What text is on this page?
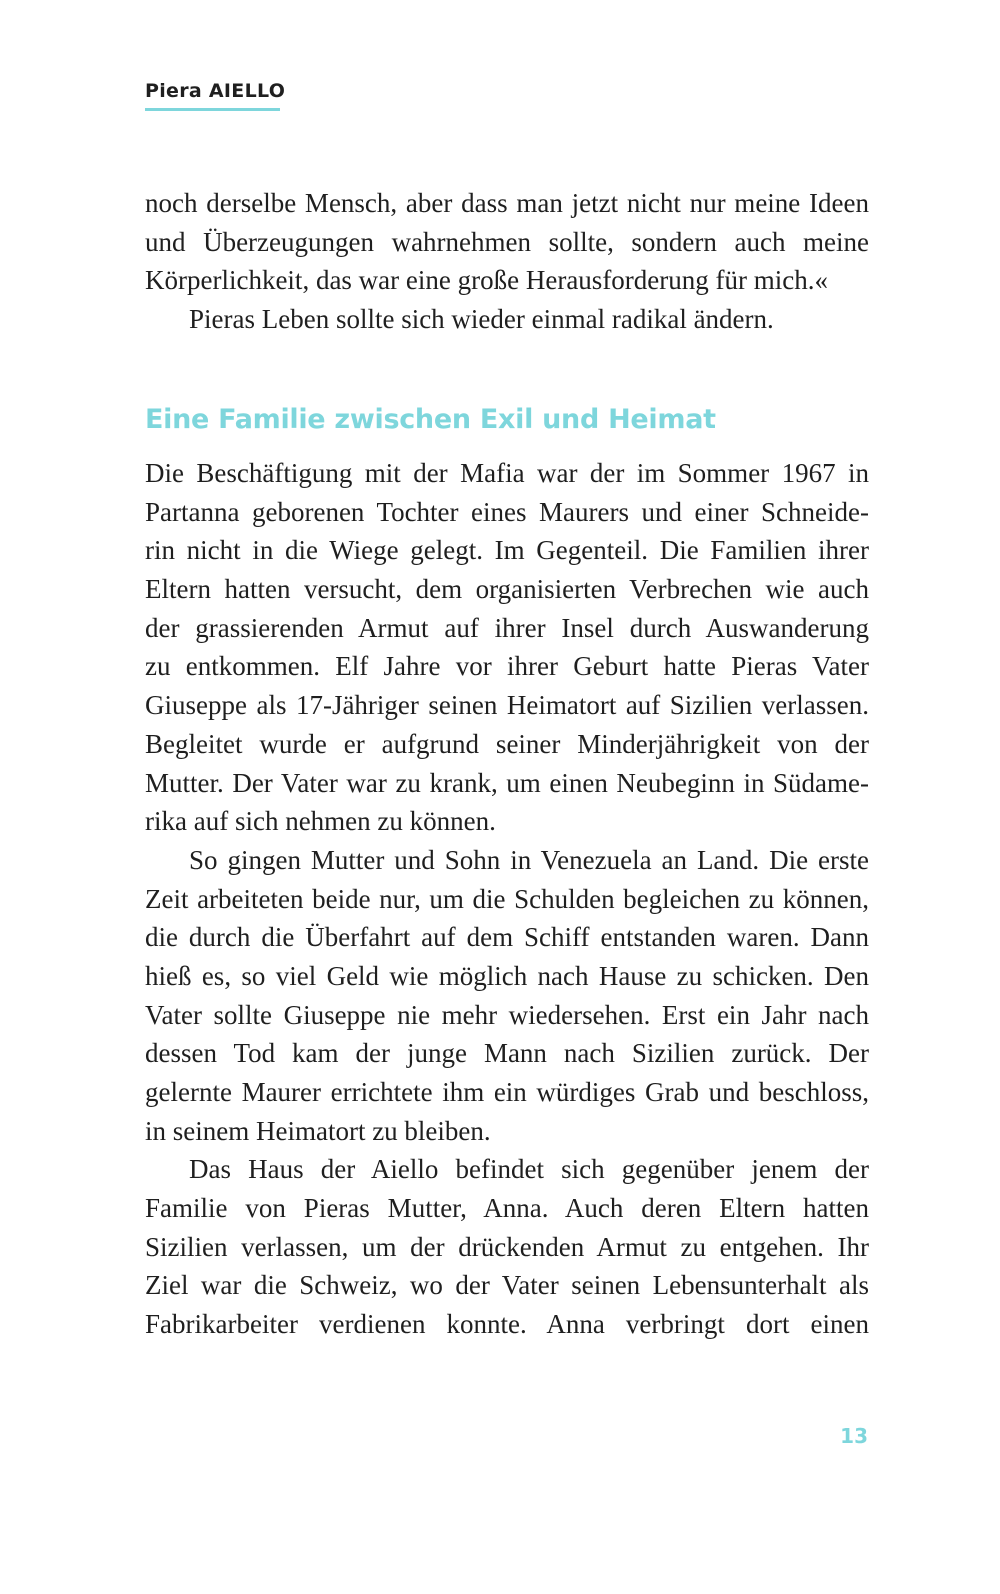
Piera AIELLO
noch derselbe Mensch, aber dass man jetzt nicht nur meine Ideen
und Überzeugungen wahrnehmen sollte, sondern auch meine
Körperlichkeit, das war eine große Herausforderung für mich.«
Pieras Leben sollte sich wieder einmal radikal ändern.
Eine Familie zwischen Exil und Heimat
Die Beschäftigung mit der Mafia war der im Sommer 1967 in
Partanna geborenen Tochter eines Maurers und einer Schneide-
rin nicht in die Wiege gelegt. Im Gegenteil. Die Familien ihrer
Eltern hatten versucht, dem organisierten Verbrechen wie auch
der grassierenden Armut auf ihrer Insel durch Auswanderung
zu entkommen. Elf Jahre vor ihrer Geburt hatte Pieras Vater
Giuseppe als 17-Jähriger seinen Heimatort auf Sizilien verlassen.
Begleitet wurde er aufgrund seiner Minderjährigkeit von der
Mutter. Der Vater war zu krank, um einen Neubeginn in Südame-
rika auf sich nehmen zu können.
So gingen Mutter und Sohn in Venezuela an Land. Die erste
Zeit arbeiteten beide nur, um die Schulden begleichen zu können,
die durch die Überfahrt auf dem Schiff entstanden waren. Dann
hieß es, so viel Geld wie möglich nach Hause zu schicken. Den
Vater sollte Giuseppe nie mehr wiedersehen. Erst ein Jahr nach
dessen Tod kam der junge Mann nach Sizilien zurück. Der
gelernte Maurer errichtete ihm ein würdiges Grab und beschloss,
in seinem Heimatort zu bleiben.
Das Haus der Aiello befindet sich gegenüber jenem der
Familie von Pieras Mutter, Anna. Auch deren Eltern hatten
Sizilien verlassen, um der drückenden Armut zu entgehen. Ihr
Ziel war die Schweiz, wo der Vater seinen Lebensunterhalt als
Fabrikarbeiter verdienen konnte. Anna verbringt dort einen
13
